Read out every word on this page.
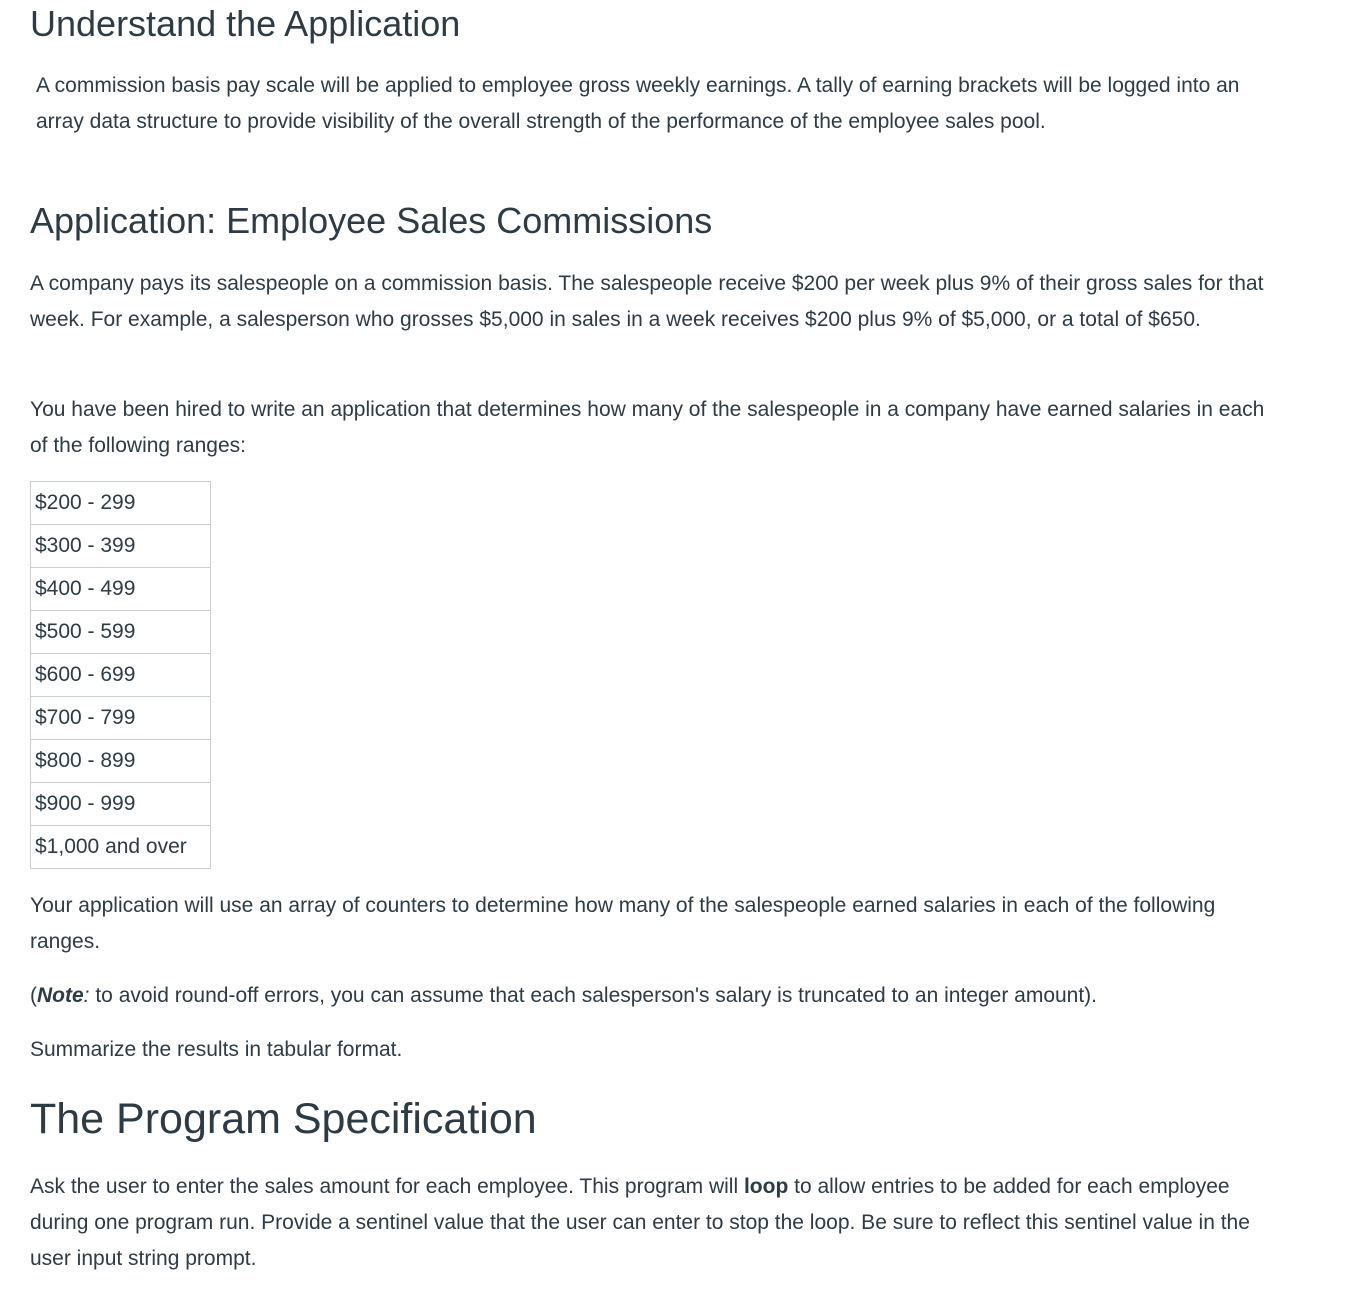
Understand the Application

A commission basis pay scale will be applied to employee gross weekly earnings. A tally of earning brackets will be logged into an array data structure to provide visibility of the overall strength of the performance of the employee sales pool.

Application: Employee Sales Commissions

A company pays its salespeople on a commission basis. The salespeople receive $200 per week plus 9% of their gross sales for that week. For example, a salesperson who grosses $5,000 in sales in a week receives $200 plus 9% of $5,000, or a total of $650.

You have been hired to write an application that determines how many of the salespeople in a company have earned salaries in each of the following ranges:

$200 - 299
$300 - 399
$400 - 499
$500 - 599
$600 - 699
$700 - 799
$800 - 899
$900 - 999
$1,000 and over

Your application will use an array of counters to determine how many of the salespeople earned salaries in each of the following ranges.

(Note: to avoid round-off errors, you can assume that each salesperson's salary is truncated to an integer amount).

Summarize the results in tabular format.

The Program Specification

Ask the user to enter the sales amount for each employee. This program will loop to allow entries to be added for each employee during one program run. Provide a sentinel value that the user can enter to stop the loop. Be sure to reflect this sentinel value in the user input string prompt.
